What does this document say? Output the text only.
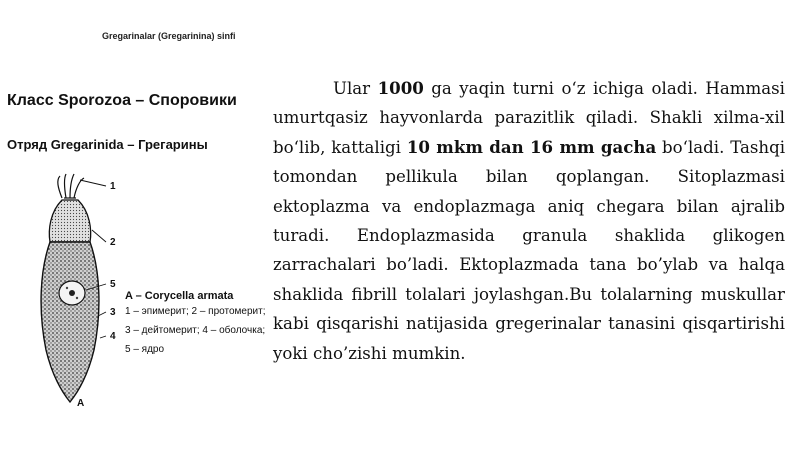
Gregarinalar (Gregarinina) sinfi
Класс Sporozoa – Споровики
Отряд Gregarinida – Грегарины
1
2
5
3
4
A
A – Corycella armata
1 – эпимерит; 2 – протомерит;
3 – дейтомерит; 4 – оболочка;
5 – ядро

Ular 1000 ga yaqin turni o‘z ichiga oladi. Hammasi umurtqasiz hayvonlarda parazitlik qiladi. Shakli xilma-xil bo‘lib, kattaligi 10 mkm dan 16 mm gacha bo‘ladi. Tashqi tomondan pellikula bilan qoplangan. Sitoplazmasi ektoplazma va endoplazmaga aniq chegara bilan ajralib turadi. Endoplazmasida granula shaklida glikogen zarrachalari bo’ladi. Ektoplazmada tana bo’ylab va halqa shaklida fibrill tolalari joylashgan.Bu tolalarning muskullar kabi qisqarishi natijasida gregerinalar tanasini qisqartirishi yoki cho’zishi mumkin.
